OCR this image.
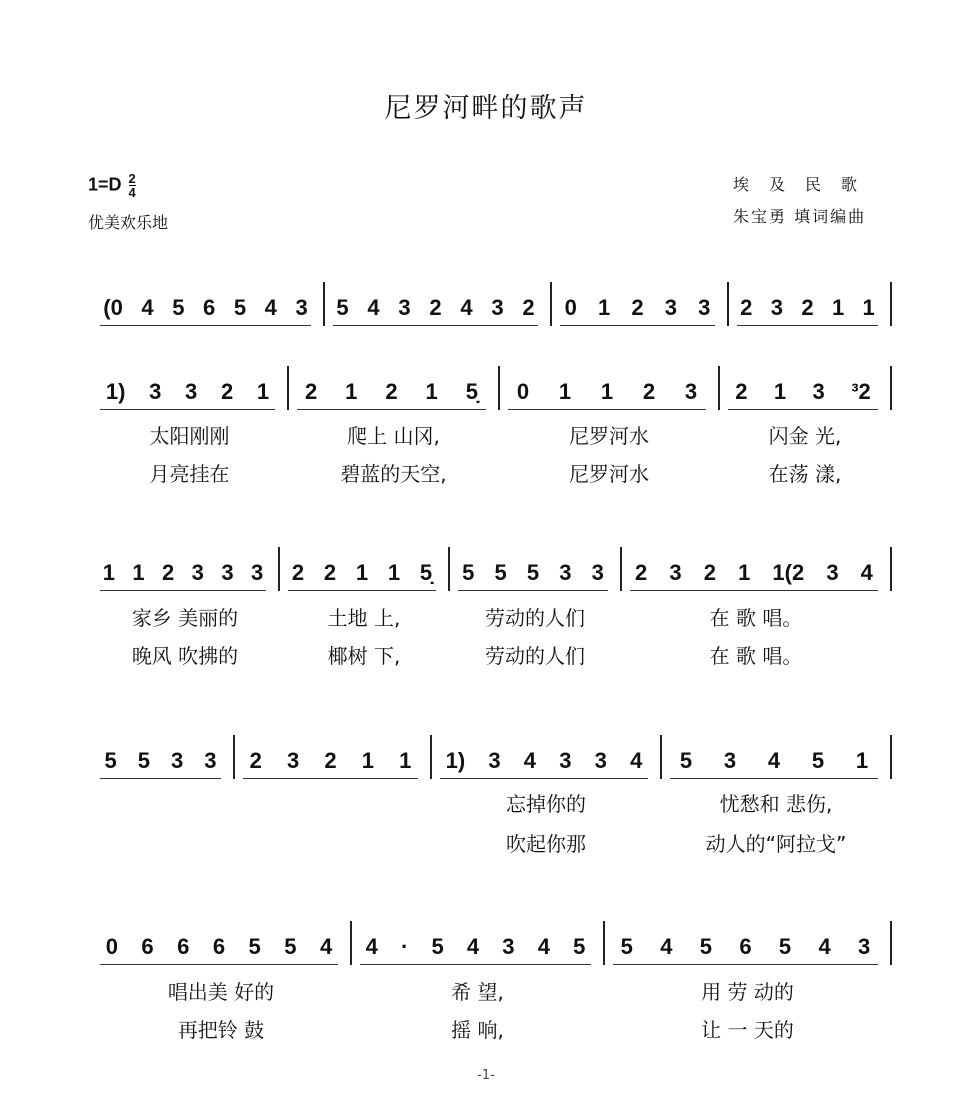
尼罗河畔的歌声
$1=D \frac{2}{4}$
优美欢乐地
埃及民歌
朱宝勇 填词编曲
(0 4 5 6 5 4 3 5 4 3 2 4 3 2 0 1 2 3 3 2 3 2 1 1
1) 3 3 2 1
太阳刚刚
月亮挂在
2 1 2 1 5̣
爬上 山冈,
碧蓝的天空,
0 1 1 2 3
尼罗河水
尼罗河水
2 1 3 ³2
闪金 光,
在荡 漾,
1 1 2 3 3 3
家乡 美丽的
晚风 吹拂的
2 2 1 1 5̣
土地 上,
椰树 下,
5 5 5 3 3
劳动的人们
劳动的人们
2 3 2 1 1(2 3 4
在 歌 唱。
在 歌 唱。
5 5 3 3 2 3 2 1 1 1) 3 4 3 3 4
忘掉你的
吹起你那
5 3 4 5 1
忧愁和 悲伤,
动人的“阿拉戈”
0 6 6 6 5 5 4
唱出美 好的
再把铃 鼓
4 · 5 4 3 4 5
希 望,
摇 响,
5 4 5 6 5 4 3
用 劳 动的
让 一 天的
-1-
